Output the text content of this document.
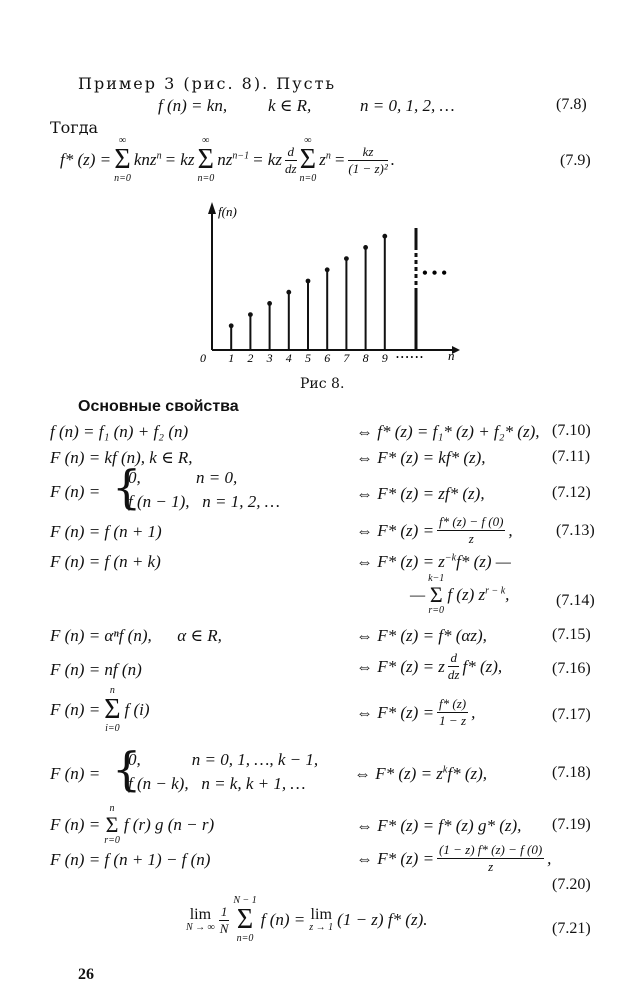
Пример 3 (рис. 8). Пусть
f (n) = kn, k ∈ R,	n = 0, 1, 2, …	(7.8)
Тогда
f* (z) =
∞
Σ
n=0
knz$^n$ = kz
∞
Σ
n=0
$nz^{n-1}$ = kz $\frac{d}{dz}$
∞
Σ
n=0
$z^n = \frac{kz}{\text{(1 − z)²}}$ .	(7.9)
f(n)
• • •
• • • • • • n
0 1 2 3 4 5 6 7 8 9
Рис 8.
Основные свойства
f (n) = f₁ (n) + f₂ (n)	⇔ f* (z) = f₁* (z) + f₂* (z), (7.10)
F (n) = kf (n), k ∈ R,	⇔ F* (z) = kf* (z),	(7.11)
F (n) = {
0,             n = 0,
f (n − 1),   n = 1, 2, …	⇔ F* (z) = zf* (z),	(7.12)
F (n) = f (n + 1)	⇔ F* $(z) = \frac{f* (z) - f (0)}{z}$ ,	(7.13)
F (n) = f (n + k)	⇔ F* $(z) = z^{-k}f*$ (z) —
—
k−1
Σ
r=0
f (z) $z^{r - k}$,	(7.14)
F (n) = αⁿf (n),      α ∈ R,	⇔ F* (z) = f* (αz),	(7.15)
F (n) = nf (n)	⇔ F* (z) = z $\frac{d}{dz} f*$ (z),	(7.16)
F (n) =
n
Σ
i=0
f (i)	⇔ F* $(z) = \frac{f* (z)}{1 - z}$ ,	(7.17)
F (n) = {
0,            n = 0, 1, …, k − 1,
f (n − k),   n = k, k + 1, …
⇔ F* $(z) = z^kf*$ (z),	(7.18)
F (n) =
n
Σ
r=0
f (r) g (n − r)	⇔ F* (z) = f* (z) g* (z), (7.19)
F (n) = f (n + 1) − f (n)	⇔ F* $(z) = \frac{(1 - z) f* (z) - f (0)}{z}$ ,
(7.20)
lim
N → ∞ $\frac{1}{N}$
N − 1
Σ
n=0
f (n) = lim
z → 1 (1 − z) f* (z).	(7.21)
26
